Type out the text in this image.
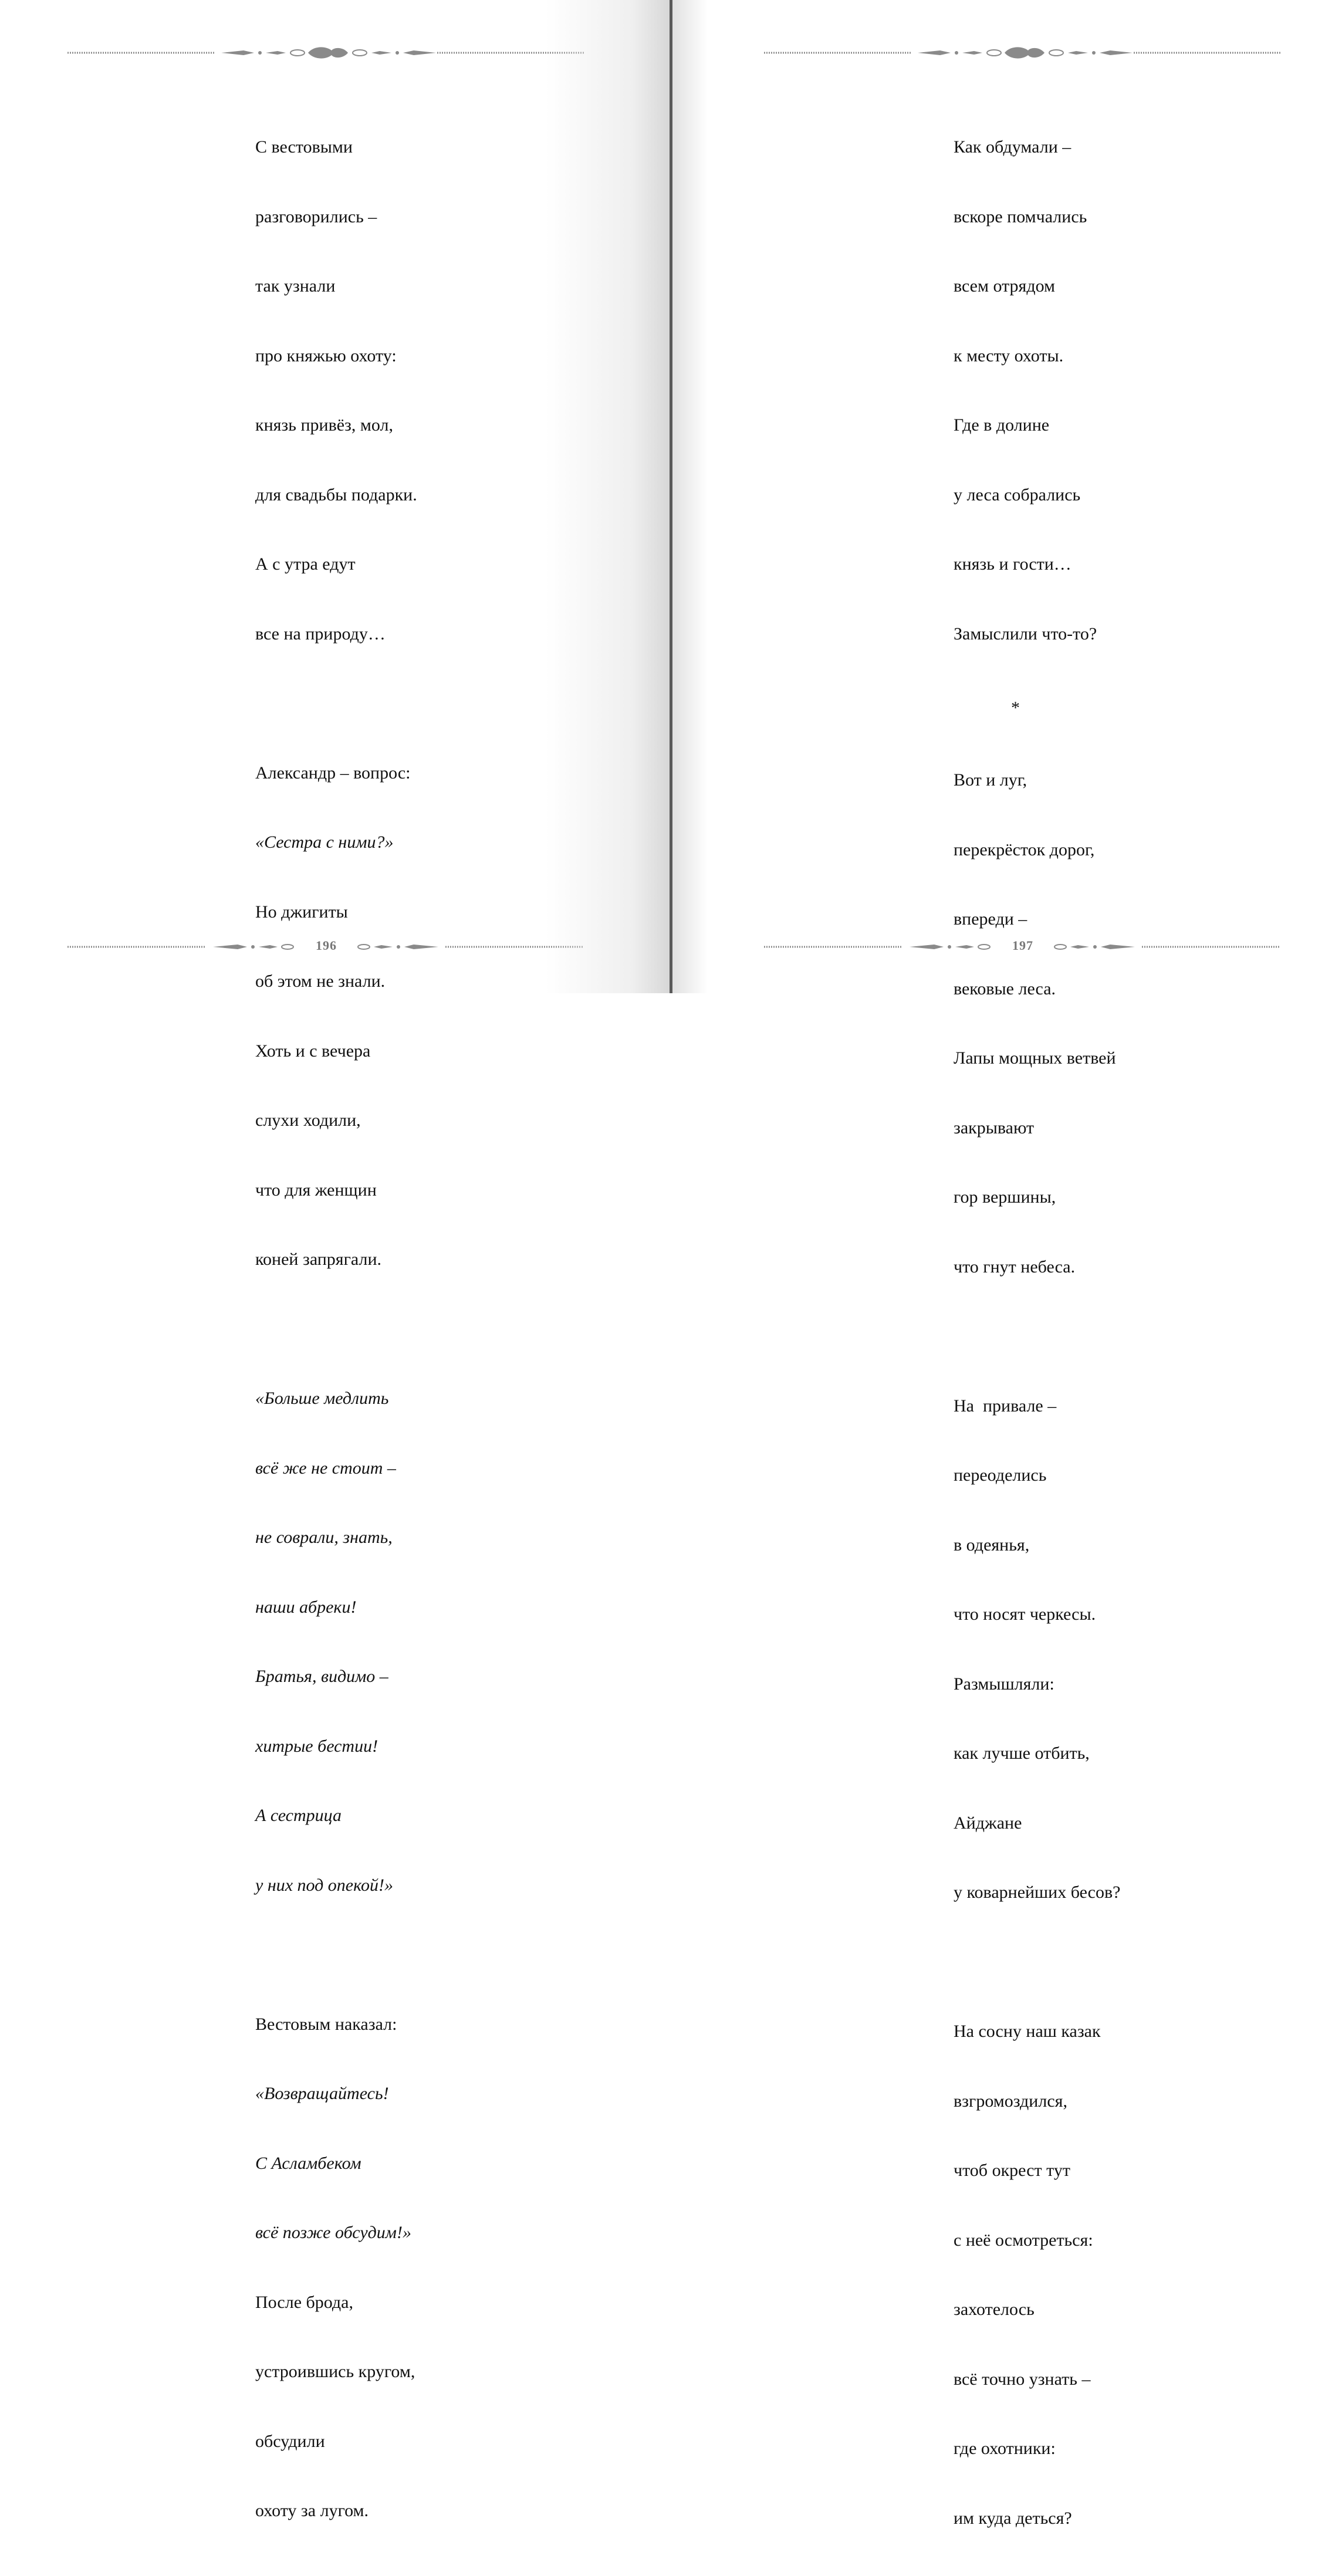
С вестовыми

разговорились –

так узнали

про княжью охоту:

князь привёз, мол,

для свадьбы подарки.

А с утра едут

все на природу…

Александр – вопрос:

«Сестра с ними?»

Но джигиты

об этом не знали.

Хоть и с вечера

слухи ходили,

что для женщин

коней запрягали.

«Больше медлить

всё же не стоит –

не соврали, знать,

наши абреки!

Братья, видимо –

хитрые бестии!

А сестрица

у них под опекой!»

Вестовым наказал:

«Возвращайтесь!

С Асламбеком

всё позже обсудим!»

После брода,

устроившись кругом,

обсудили

охоту за лугом.

196

Как обдумали –

вскоре помчались

всем отрядом

к месту охоты.

Где в долине

у леса собрались

князь и гости…

Замыслили что-то?

*

Вот и луг,

перекрёсток дорог,

впереди –

вековые леса.

Лапы мощных ветвей

закрывают

гор вершины,

что гнут небеса.

На  привале –

переоделись

в одеянья,

что носят черкесы.

Размышляли:

как лучше отбить,

Айджане

у коварнейших бесов?

На сосну наш казак

взгромоздился,

чтоб окрест тут

с неё осмотреться:

захотелось

всё точно узнать –

где охотники:

им куда деться?

197
